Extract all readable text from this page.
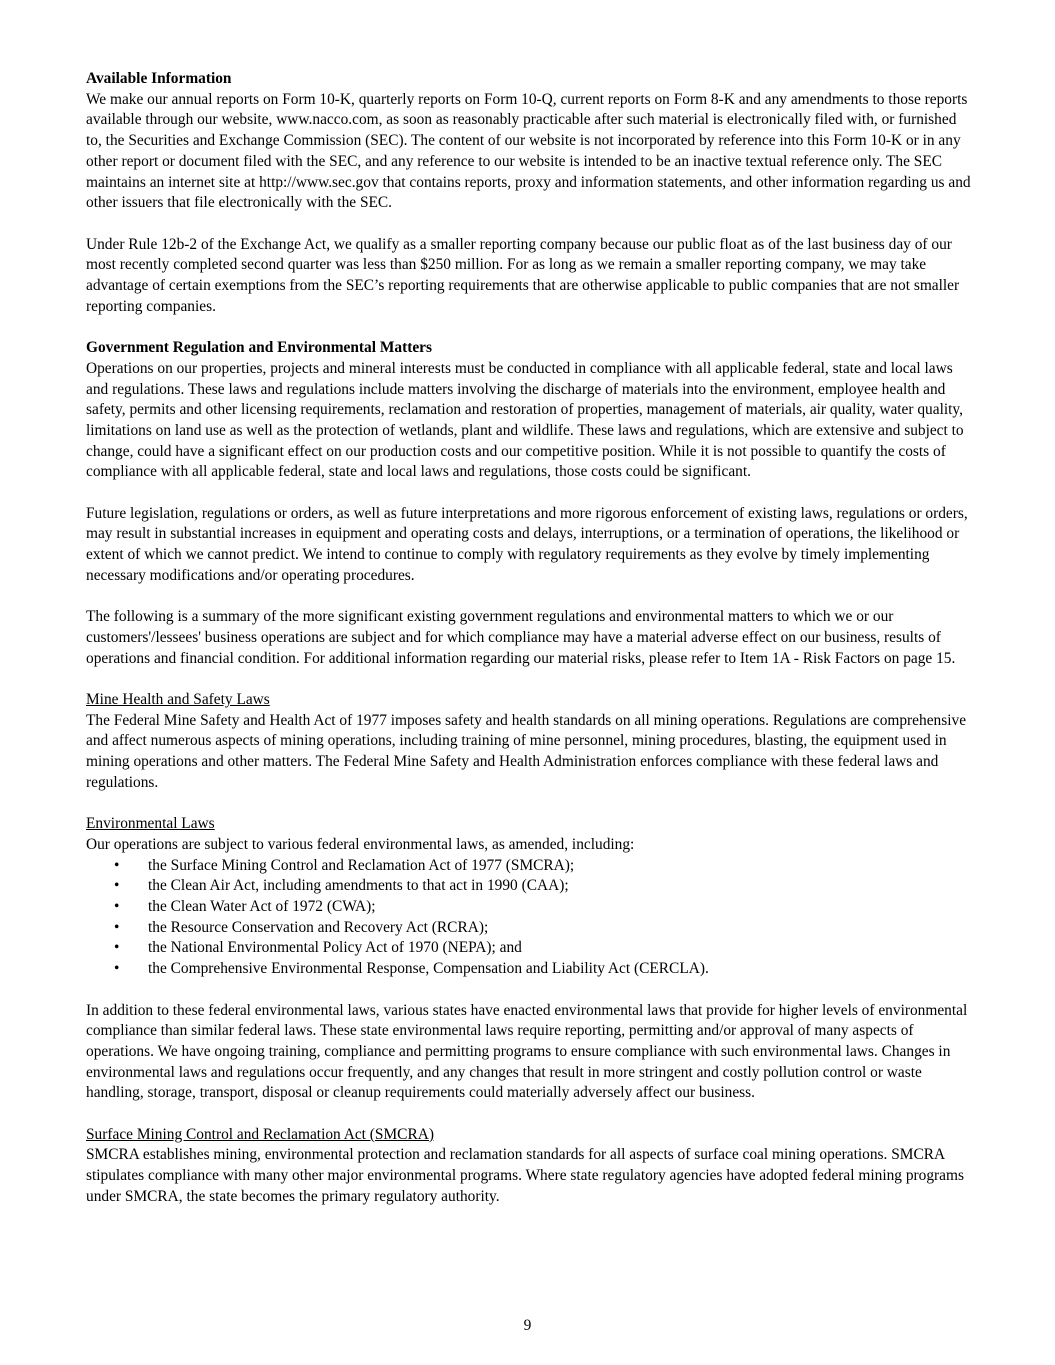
Available Information

We make our annual reports on Form 10-K, quarterly reports on Form 10-Q, current reports on Form 8-K and any amendments to those reports available through our website, www.nacco.com, as soon as reasonably practicable after such material is electronically filed with, or furnished to, the Securities and Exchange Commission (SEC). The content of our website is not incorporated by reference into this Form 10-K or in any other report or document filed with the SEC, and any reference to our website is intended to be an inactive textual reference only. The SEC maintains an internet site at http://www.sec.gov that contains reports, proxy and information statements, and other information regarding us and other issuers that file electronically with the SEC.

Under Rule 12b-2 of the Exchange Act, we qualify as a smaller reporting company because our public float as of the last business day of our most recently completed second quarter was less than $250 million. For as long as we remain a smaller reporting company, we may take advantage of certain exemptions from the SEC’s reporting requirements that are otherwise applicable to public companies that are not smaller reporting companies.

Government Regulation and Environmental Matters

Operations on our properties, projects and mineral interests must be conducted in compliance with all applicable federal, state and local laws and regulations. These laws and regulations include matters involving the discharge of materials into the environment, employee health and safety, permits and other licensing requirements, reclamation and restoration of properties, management of materials, air quality, water quality, limitations on land use as well as the protection of wetlands, plant and wildlife. These laws and regulations, which are extensive and subject to change, could have a significant effect on our production costs and our competitive position. While it is not possible to quantify the costs of compliance with all applicable federal, state and local laws and regulations, those costs could be significant.

Future legislation, regulations or orders, as well as future interpretations and more rigorous enforcement of existing laws, regulations or orders, may result in substantial increases in equipment and operating costs and delays, interruptions, or a termination of operations, the likelihood or extent of which we cannot predict. We intend to continue to comply with regulatory requirements as they evolve by timely implementing necessary modifications and/or operating procedures.

The following is a summary of the more significant existing government regulations and environmental matters to which we or our customers'/lessees' business operations are subject and for which compliance may have a material adverse effect on our business, results of operations and financial condition. For additional information regarding our material risks, please refer to Item 1A - Risk Factors on page 15.

Mine Health and Safety Laws

The Federal Mine Safety and Health Act of 1977 imposes safety and health standards on all mining operations. Regulations are comprehensive and affect numerous aspects of mining operations, including training of mine personnel, mining procedures, blasting, the equipment used in mining operations and other matters. The Federal Mine Safety and Health Administration enforces compliance with these federal laws and regulations.

Environmental Laws

Our operations are subject to various federal environmental laws, as amended, including:

• the Surface Mining Control and Reclamation Act of 1977 (SMCRA);
• the Clean Air Act, including amendments to that act in 1990 (CAA);
• the Clean Water Act of 1972 (CWA);
• the Resource Conservation and Recovery Act (RCRA);
• the National Environmental Policy Act of 1970 (NEPA); and
• the Comprehensive Environmental Response, Compensation and Liability Act (CERCLA).

In addition to these federal environmental laws, various states have enacted environmental laws that provide for higher levels of environmental compliance than similar federal laws. These state environmental laws require reporting, permitting and/or approval of many aspects of operations. We have ongoing training, compliance and permitting programs to ensure compliance with such environmental laws. Changes in environmental laws and regulations occur frequently, and any changes that result in more stringent and costly pollution control or waste handling, storage, transport, disposal or cleanup requirements could materially adversely affect our business.

Surface Mining Control and Reclamation Act (SMCRA)

SMCRA establishes mining, environmental protection and reclamation standards for all aspects of surface coal mining operations. SMCRA stipulates compliance with many other major environmental programs. Where state regulatory agencies have adopted federal mining programs under SMCRA, the state becomes the primary regulatory authority.

9
